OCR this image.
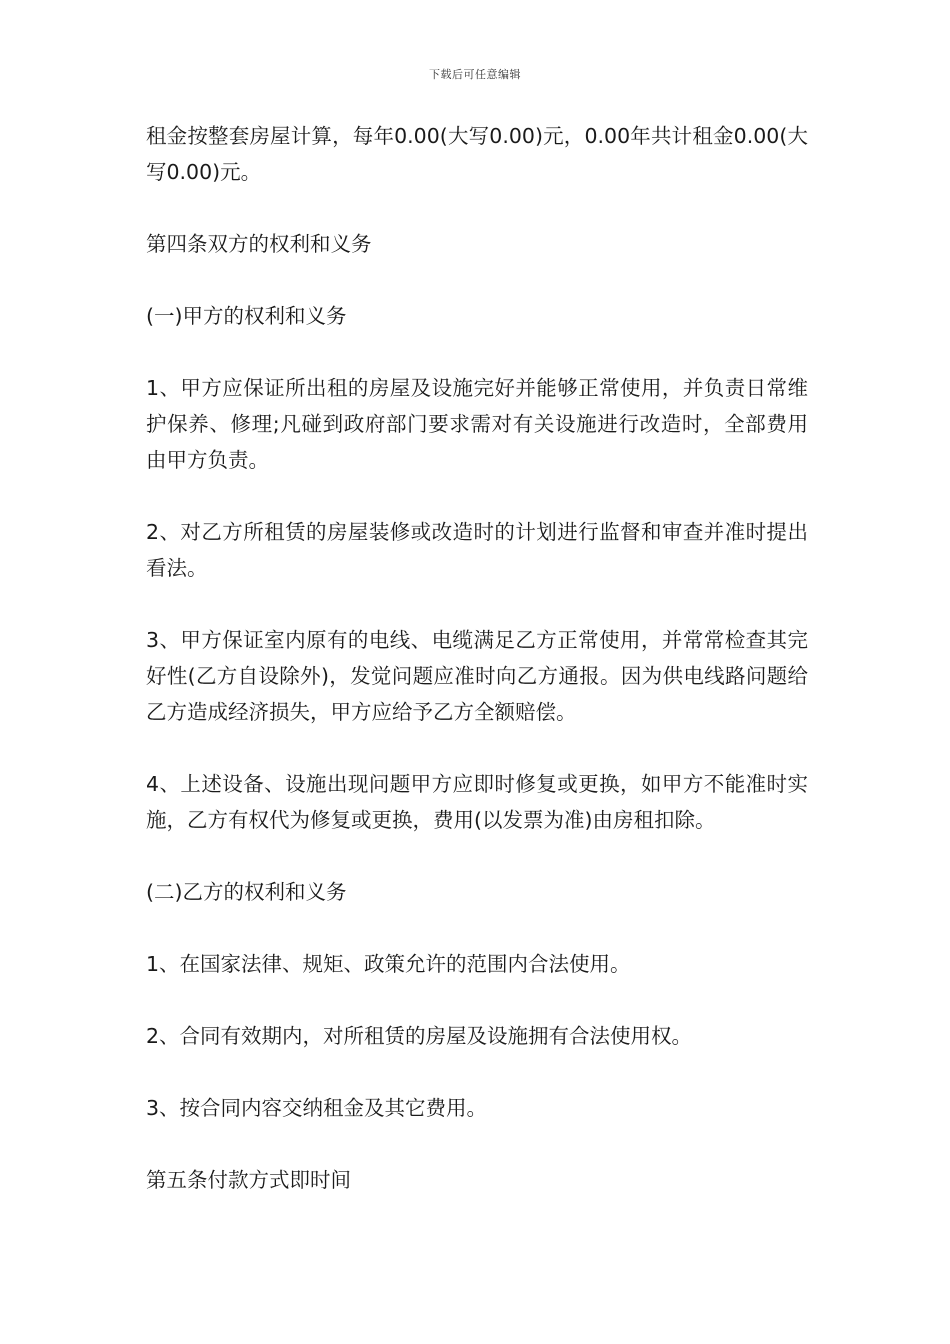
下载后可任意编辑

租金按整套房屋计算，每年0.00(大写0.00)元，0.00年共计租金0.00(大写0.00)元。

第四条双方的权利和义务

(一)甲方的权利和义务

1、甲方应保证所出租的房屋及设施完好并能够正常使用，并负责日常维护保养、修理;凡碰到政府部门要求需对有关设施进行改造时，全部费用由甲方负责。

2、对乙方所租赁的房屋装修或改造时的计划进行监督和审查并准时提出看法。

3、甲方保证室内原有的电线、电缆满足乙方正常使用，并常常检查其完好性(乙方自设除外)，发觉问题应准时向乙方通报。因为供电线路问题给乙方造成经济损失，甲方应给予乙方全额赔偿。

4、上述设备、设施出现问题甲方应即时修复或更换，如甲方不能准时实施，乙方有权代为修复或更换，费用(以发票为准)由房租扣除。

(二)乙方的权利和义务

1、在国家法律、规矩、政策允许的范围内合法使用。

2、合同有效期内，对所租赁的房屋及设施拥有合法使用权。

3、按合同内容交纳租金及其它费用。

第五条付款方式即时间
